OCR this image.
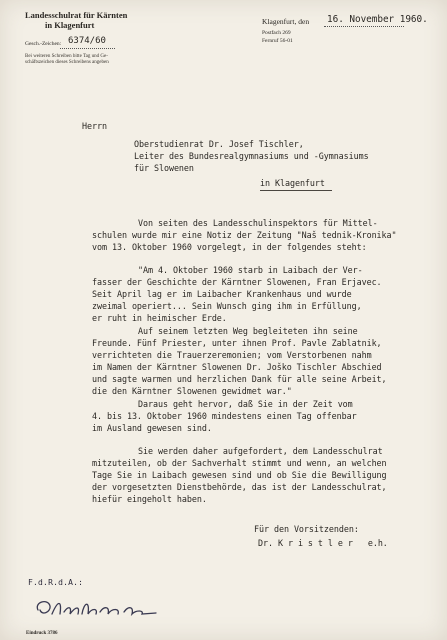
Landesschulrat für Kärnten
in Klagenfurt
Gesch.-Zeichen: 6374/60
Bei weiteren Schreiben bitte Tag und Ge-
schäftszeichen dieses Schreibens angeben
Klagenfurt, den 16. November 1960.
Postfach 269
Fernruf 56-01
Herrn
Oberstudienrat Dr. Josef Tischler,
Leiter des Bundesrealgymnasiums und -Gymnasiums
für Slowenen
in Klagenfurt
Von seiten des Landesschulinspektors für Mittel-
schulen wurde mir eine Notiz der Zeitung "Naš tednik-Kronika"
vom 13. Oktober 1960 vorgelegt, in der folgendes steht:
"Am 4. Oktober 1960 starb in Laibach der Ver-
fasser der Geschichte der Kärntner Slowenen, Fran Erjavec.
Seit April lag er im Laibacher Krankenhaus und wurde
zweimal operiert... Sein Wunsch ging ihm in Erfüllung,
er ruht in heimischer Erde.
Auf seinem letzten Weg begleiteten ihn seine
Freunde. Fünf Priester, unter ihnen Prof. Pavle Zablatnik,
verrichteten die Trauerzeremonien; vom Verstorbenen nahm
im Namen der Kärntner Slowenen Dr. Joško Tischler Abschied
und sagte warmen und herzlichen Dank für alle seine Arbeit,
die den Kärntner Slowenen gewidmet war."
Daraus geht hervor, daß Sie in der Zeit vom
4. bis 13. Oktober 1960 mindestens einen Tag offenbar
im Ausland gewesen sind.
Sie werden daher aufgefordert, dem Landesschulrat
mitzuteilen, ob der Sachverhalt stimmt und wenn, an welchen
Tage Sie in Laibach gewesen sind und ob Sie die Bewilligung
der vorgesetzten Dienstbehörde, das ist der Landesschulrat,
hiefür eingeholt haben.
Für den Vorsitzenden:
Dr. K r i s t l e r   e.h.
F.d.R.d.A.:
Eindruck 3786
